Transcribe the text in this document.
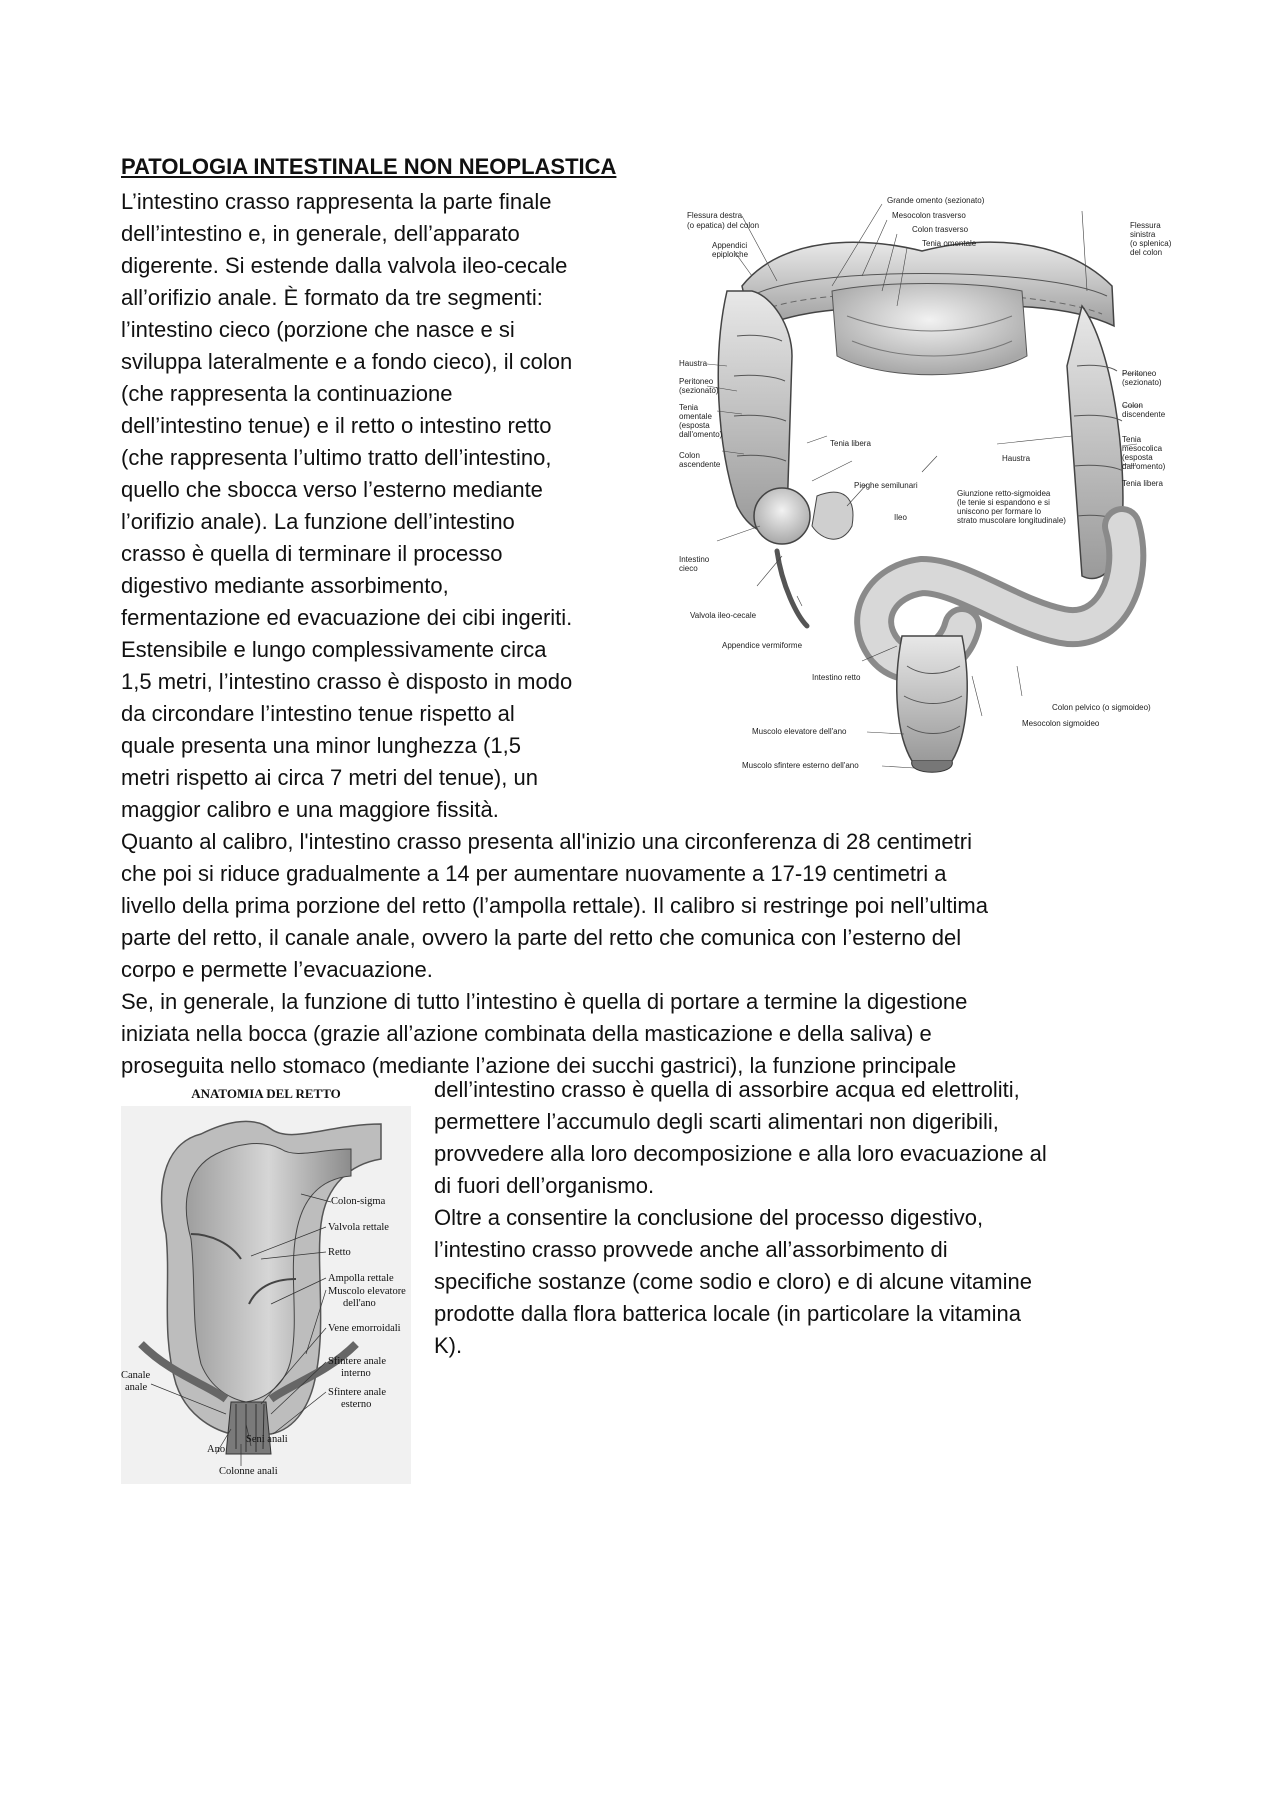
PATOLOGIA INTESTINALE NON NEOPLASTICA
L’intestino crasso rappresenta la parte finale
dell’intestino e, in generale, dell’apparato
digerente. Si estende dalla valvola ileo-cecale
all’orifizio anale. È formato da tre segmenti:
l’intestino cieco (porzione che nasce e si
sviluppa lateralmente e a fondo cieco), il colon
(che rappresenta la continuazione
dell’intestino tenue) e il retto o intestino retto
(che rappresenta l’ultimo tratto dell’intestino,
quello che sbocca verso l’esterno mediante
l’orifizio anale). La funzione dell’intestino
crasso è quella di terminare il processo
digestivo mediante assorbimento,
fermentazione ed evacuazione dei cibi ingeriti.
Estensibile e lungo complessivamente circa
1,5 metri, l’intestino crasso è disposto in modo
da circondare l’intestino tenue rispetto al
quale presenta una minor lunghezza (1,5
metri rispetto ai circa 7 metri del tenue), un
maggior calibro e una maggiore fissità.
Quanto al calibro, l'intestino crasso presenta all'inizio una circonferenza di 28 centimetri
che poi si riduce gradualmente a 14 per aumentare nuovamente a 17-19 centimetri a
livello della prima porzione del retto (l’ampolla rettale). Il calibro si restringe poi nell’ultima
parte del retto, il canale anale, ovvero la parte del retto che comunica con l’esterno del
corpo e permette l’evacuazione.
Se, in generale, la funzione di tutto l’intestino è quella di portare a termine la digestione
iniziata nella bocca (grazie all’azione combinata della masticazione e della saliva) e
proseguita nello stomaco (mediante l’azione dei succhi gastrici), la funzione principale
dell’intestino crasso è quella di assorbire acqua ed elettroliti,
permettere l’accumulo degli scarti alimentari non digeribili,
provvedere alla loro decomposizione e alla loro evacuazione al
di fuori dell’organismo.
Oltre a consentire la conclusione del processo digestivo,
l’intestino crasso provvede anche all’assorbimento di
specifiche sostanze (come sodio e cloro) e di alcune vitamine
prodotte dalla flora batterica locale (in particolare la vitamina
K).
Grande omento (sezionato)
Mesocolon trasverso
Colon trasverso
Tenia omentale
Flessura destra
(o epatica) del colon	Flessura
sinistra
(o splenica)
del colon
Appendici
epiploiche
Haustra
Peritoneo
(sezionato)
Tenia
omentale
(esposta
dall'omento)
Colon
ascendente
Tenia libera
Pieghe semilunari
Ileo
Giunzione retto-sigmoidea
(le tenie si espandono e si
uniscono per formare lo
strato muscolare longitudinale)
Haustra
Peritoneo
(sezionato)
Colon
discendente
Tenia
mesocolica
(esposta
dall'omento)
Tenia libera
Intestino
cieco
Valvola ileo-cecale
Appendice vermiforme
Intestino retto
Colon pelvico (o sigmoideo)
Mesocolon sigmoideo
Muscolo elevatore dell'ano
Muscolo sfintere esterno dell'ano
ANATOMIA DEL RETTO
Colon-sigma
Valvola rettale
Retto
Ampolla rettale
Muscolo elevatore
dell'ano
Vene emorroidali
Canale
anale
Sfintere anale
interno
Sfintere anale
esterno
Seni anali
Ano
Colonne anali
